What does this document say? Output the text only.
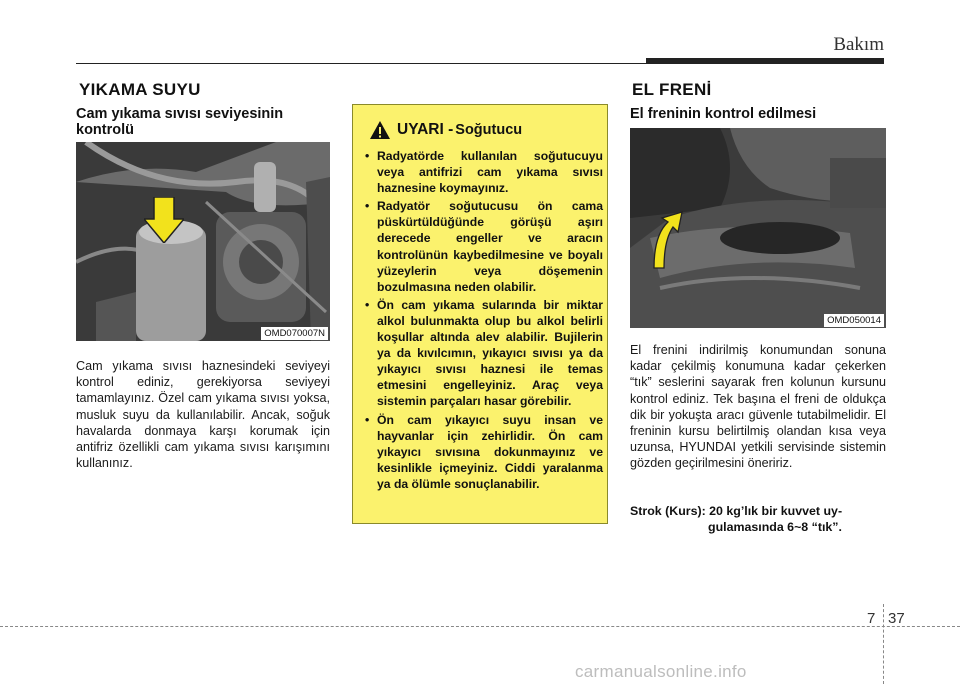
Bakım
YIKAMA SUYU
Cam yıkama sıvısı seviyesinin kontrolü
OMD070007N
Cam yıkama sıvısı haznesindeki seviyeyi kontrol ediniz, gerekiyorsa seviyeyi tamamlayınız. Özel cam yıkama sıvısı yoksa, musluk suyu da kullanılabilir. Ancak, soğuk havalarda donmaya karşı korumak için antifriz özellikli cam yıkama sıvısı karışımını kullanınız.
UYARI - Soğutucu
• Radyatörde kullanılan soğutucuyu veya antifrizi cam yıkama sıvısı haznesine koymayınız.
• Radyatör soğutucusu ön cama püskürtüldüğünde görüşü aşırı derecede engeller ve aracın kontrolünün kaybedilmesine ve boyalı yüzeylerin veya döşemenin bozulmasına neden olabilir.
• Ön cam yıkama sularında bir miktar alkol bulunmakta olup bu alkol belirli koşullar altında alev alabilir. Bujilerin ya da kıvılcımın, yıkayıcı sıvısı ya da yıkayıcı sıvısı haznesi ile temas etmesini engelleyiniz. Araç veya sistemin parçaları hasar görebilir.
• Ön cam yıkayıcı suyu insan ve hayvanlar için zehirlidir. Ön cam yıkayıcı sıvısına dokunmayınız ve kesinlikle içmeyiniz. Ciddi yaralanma ya da ölümle sonuçlanabilir.
EL FRENİ
El freninin kontrol edilmesi
OMD050014
El frenini indirilmiş konumundan sonuna kadar çekilmiş konumuna kadar çekerken “tık” seslerini sayarak fren kolunun kursunu kontrol ediniz. Tek başına el freni de oldukça dik bir yokuşta aracı güvenle tutabilmelidir. El freninin kursu belirtilmiş olandan kısa veya uzunsa, HYUNDAI yetkili servisinde sistemin gözden geçirilmesini öneririz.
Strok (Kurs): 20 kg’lık bir kuvvet uy-
gulamasında 6~8 “tık”.
7 37
carmanualsonline.info
